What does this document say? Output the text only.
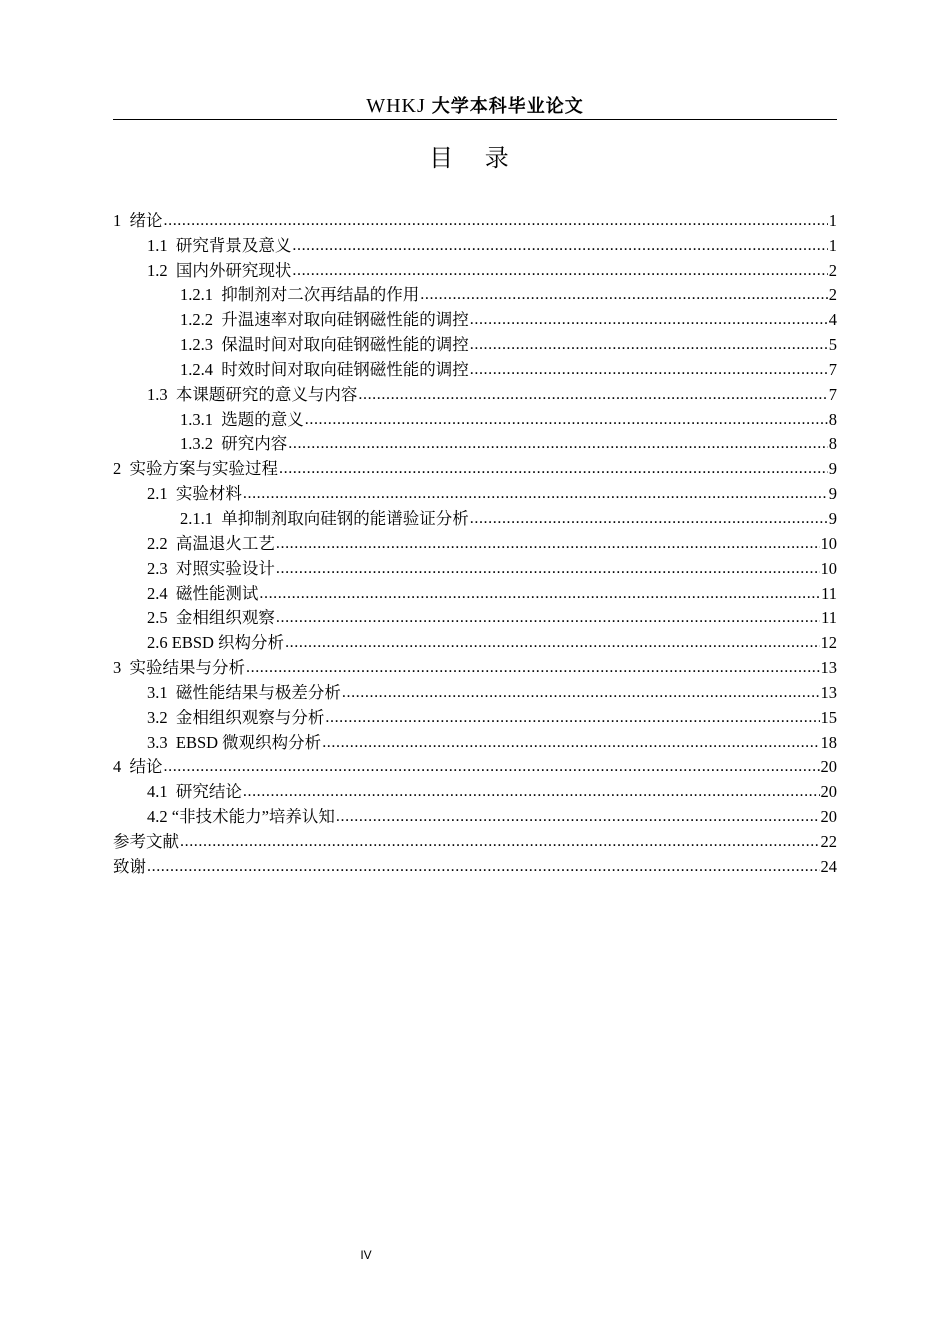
WHKJ 大学本科毕业论文
目 录
1  绪论 .....	1
1.1  研究背景及意义 .....	1
1.2  国内外研究现状 .....	2
1.2.1  抑制剂对二次再结晶的作用 .....	2
1.2.2  升温速率对取向硅钢磁性能的调控 .....	4
1.2.3  保温时间对取向硅钢磁性能的调控 .....	5
1.2.4  时效时间对取向硅钢磁性能的调控 .....	7
1.3  本课题研究的意义与内容 .....	7
1.3.1  选题的意义 .....	8
1.3.2  研究内容 .....	8
2  实验方案与实验过程 .....	9
2.1  实验材料 .....	9
2.1.1  单抑制剂取向硅钢的能谱验证分析 .....	9
2.2  高温退火工艺 .....	10
2.3  对照实验设计 .....	10
2.4  磁性能测试 .....	11
2.5  金相组织观察 .....	11
2.6 EBSD 织构分析 .....	12
3  实验结果与分析 .....	13
3.1  磁性能结果与极差分析 .....	13
3.2  金相组织观察与分析 .....	15
3.3  EBSD 微观织构分析 .....	18
4  结论 .....	20
4.1  研究结论 .....	20
4.2 “非技术能力”培养认知 .....	20
参考文献 .....	22
致谢 .....	24
IV
